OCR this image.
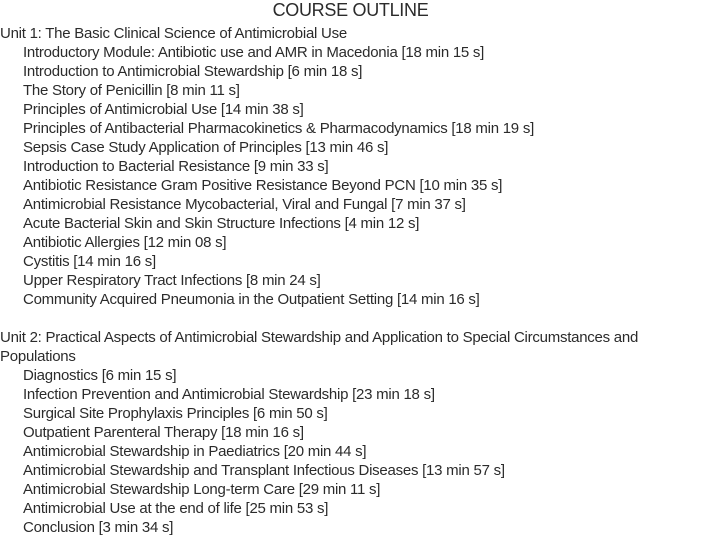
COURSE OUTLINE
Unit 1: The Basic Clinical Science of Antimicrobial Use
Introductory Module: Antibiotic use and AMR in Macedonia [18 min 15 s]
Introduction to Antimicrobial Stewardship [6 min 18 s]
The Story of Penicillin [8 min 11 s]
Principles of Antimicrobial Use [14 min 38 s]
Principles of Antibacterial Pharmacokinetics & Pharmacodynamics [18 min 19 s]
Sepsis Case Study Application of Principles [13 min 46 s]
Introduction to Bacterial Resistance [9 min 33 s]
Antibiotic Resistance Gram Positive Resistance Beyond PCN [10 min 35 s]
Antimicrobial Resistance Mycobacterial, Viral and Fungal [7 min 37 s]
Acute Bacterial Skin and Skin Structure Infections [4 min 12 s]
Antibiotic Allergies [12 min 08 s]
Cystitis [14 min 16 s]
Upper Respiratory Tract Infections [8 min 24 s]
Community Acquired Pneumonia in the Outpatient Setting [14 min 16 s]
Unit 2: Practical Aspects of Antimicrobial Stewardship and Application to Special Circumstances and Populations
Diagnostics [6 min 15 s]
Infection Prevention and Antimicrobial Stewardship [23 min 18 s]
Surgical Site Prophylaxis Principles [6 min 50 s]
Outpatient Parenteral Therapy [18 min 16 s]
Antimicrobial Stewardship in Paediatrics [20 min 44 s]
Antimicrobial Stewardship and Transplant Infectious Diseases [13 min 57 s]
Antimicrobial Stewardship Long-term Care [29 min 11 s]
Antimicrobial Use at the end of life [25 min 53 s]
Conclusion [3 min 34 s]
